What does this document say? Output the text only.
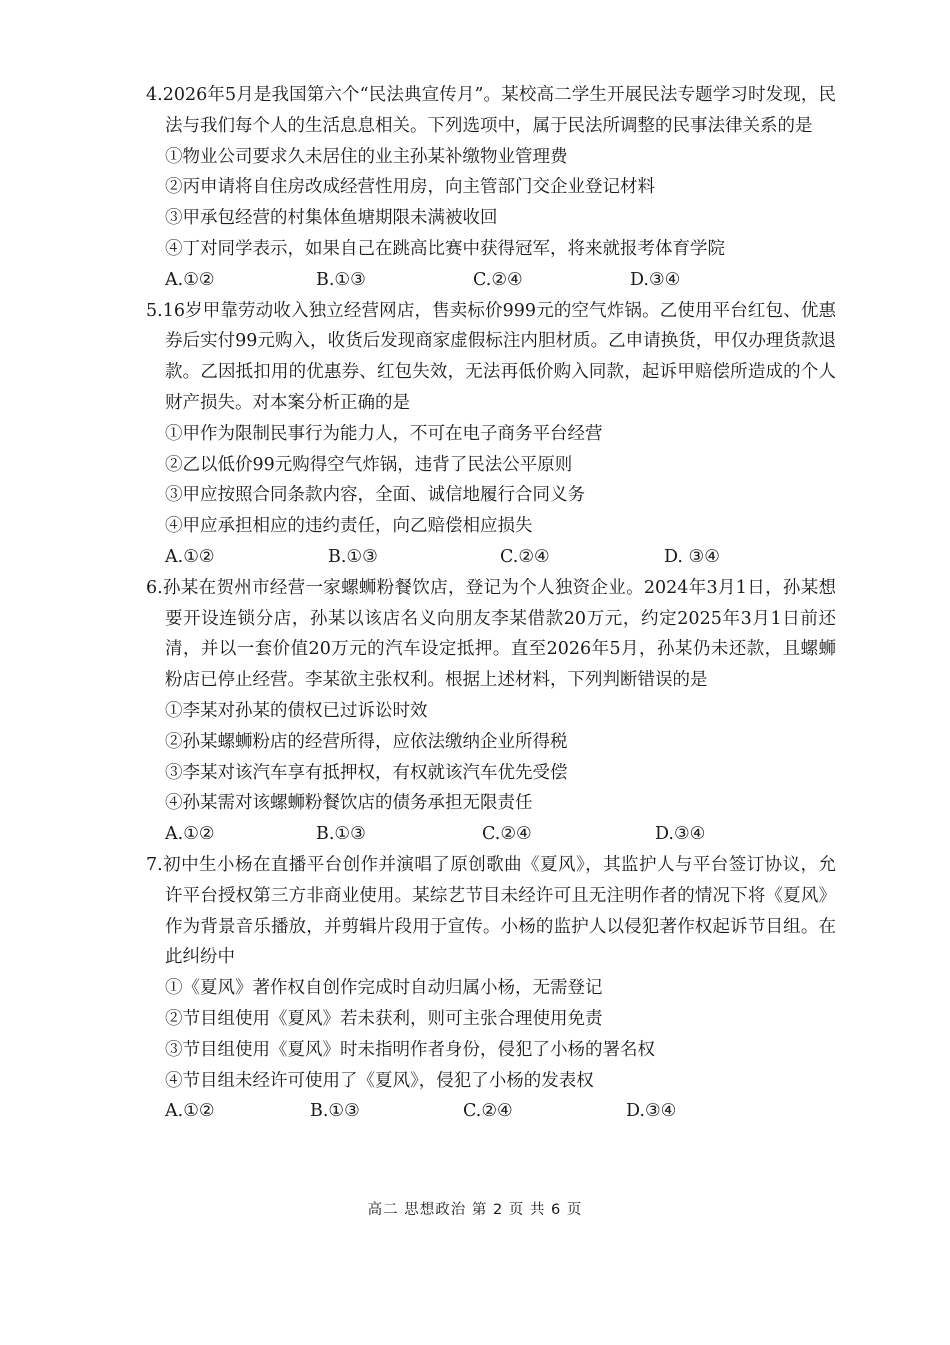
4.2026年5月是我国第六个“民法典宣传月”。某校高二学生开展民法专题学习时发现，民法与我们每个人的生活息息相关。下列选项中，属于民法所调整的民事法律关系的是

①物业公司要求久未居住的业主孙某补缴物业管理费

②丙申请将自住房改成经营性用房，向主管部门交企业登记材料

③甲承包经营的村集体鱼塘期限未满被收回

④丁对同学表示，如果自己在跳高比赛中获得冠军，将来就报考体育学院

A.①②	B.①③	C.②④	D.③④

5.16岁甲靠劳动收入独立经营网店，售卖标价999元的空气炸锅。乙使用平台红包、优惠券后实付99元购入，收货后发现商家虚假标注内胆材质。乙申请换货，甲仅办理货款退款。乙因抵扣用的优惠券、红包失效，无法再低价购入同款，起诉甲赔偿所造成的个人财产损失。对本案分析正确的是

①甲作为限制民事行为能力人，不可在电子商务平台经营

②乙以低价99元购得空气炸锅，违背了民法公平原则

③甲应按照合同条款内容，全面、诚信地履行合同义务

④甲应承担相应的违约责任，向乙赔偿相应损失

A.①②	B.①③	C.②④	D. ③④

6.孙某在贺州市经营一家螺蛳粉餐饮店，登记为个人独资企业。2024年3月1日，孙某想要开设连锁分店，孙某以该店名义向朋友李某借款20万元，约定2025年3月1日前还清，并以一套价值20万元的汽车设定抵押。直至2026年5月，孙某仍未还款，且螺蛳粉店已停止经营。李某欲主张权利。根据上述材料，下列判断错误的是

①李某对孙某的债权已过诉讼时效

②孙某螺蛳粉店的经营所得，应依法缴纳企业所得税

③李某对该汽车享有抵押权，有权就该汽车优先受偿

④孙某需对该螺蛳粉餐饮店的债务承担无限责任

A.①②	B.①③	C.②④	D.③④

7.初中生小杨在直播平台创作并演唱了原创歌曲《夏风》，其监护人与平台签订协议，允许平台授权第三方非商业使用。某综艺节目未经许可且无注明作者的情况下将《夏风》作为背景音乐播放，并剪辑片段用于宣传。小杨的监护人以侵犯著作权起诉节目组。在此纠纷中

①《夏风》著作权自创作完成时自动归属小杨，无需登记

②节目组使用《夏风》若未获利，则可主张合理使用免责

③节目组使用《夏风》时未指明作者身份，侵犯了小杨的署名权

④节目组未经许可使用了《夏风》，侵犯了小杨的发表权

A.①②	B.①③	C.②④	D.③④
高二 思想政治 第 2 页 共 6 页
